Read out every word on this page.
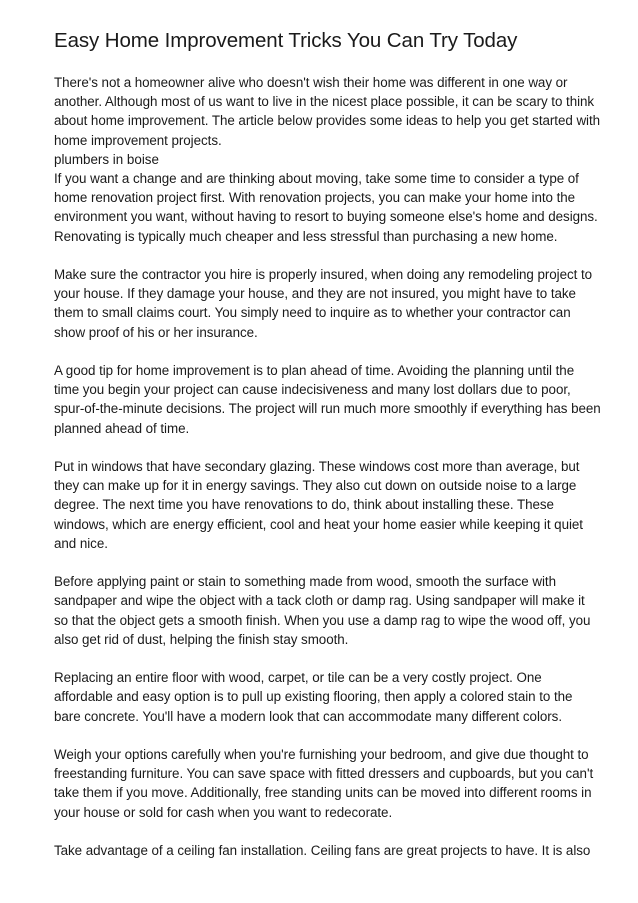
Easy Home Improvement Tricks You Can Try Today

There's not a homeowner alive who doesn't wish their home was different in one way or another. Although most of us want to live in the nicest place possible, it can be scary to think about home improvement. The article below provides some ideas to help you get started with home improvement projects.

plumbers in boise

If you want a change and are thinking about moving, take some time to consider a type of home renovation project first. With renovation projects, you can make your home into the environment you want, without having to resort to buying someone else's home and designs. Renovating is typically much cheaper and less stressful than purchasing a new home.

Make sure the contractor you hire is properly insured, when doing any remodeling project to your house. If they damage your house, and they are not insured, you might have to take them to small claims court. You simply need to inquire as to whether your contractor can show proof of his or her insurance.

A good tip for home improvement is to plan ahead of time. Avoiding the planning until the time you begin your project can cause indecisiveness and many lost dollars due to poor, spur-of-the-minute decisions. The project will run much more smoothly if everything has been planned ahead of time.

Put in windows that have secondary glazing. These windows cost more than average, but they can make up for it in energy savings. They also cut down on outside noise to a large degree. The next time you have renovations to do, think about installing these. These windows, which are energy efficient, cool and heat your home easier while keeping it quiet and nice.

Before applying paint or stain to something made from wood, smooth the surface with sandpaper and wipe the object with a tack cloth or damp rag. Using sandpaper will make it so that the object gets a smooth finish. When you use a damp rag to wipe the wood off, you also get rid of dust, helping the finish stay smooth.

Replacing an entire floor with wood, carpet, or tile can be a very costly project. One affordable and easy option is to pull up existing flooring, then apply a colored stain to the bare concrete. You'll have a modern look that can accommodate many different colors.

Weigh your options carefully when you're furnishing your bedroom, and give due thought to freestanding furniture. You can save space with fitted dressers and cupboards, but you can't take them if you move. Additionally, free standing units can be moved into different rooms in your house or sold for cash when you want to redecorate.

Take advantage of a ceiling fan installation. Ceiling fans are great projects to have. It is also
